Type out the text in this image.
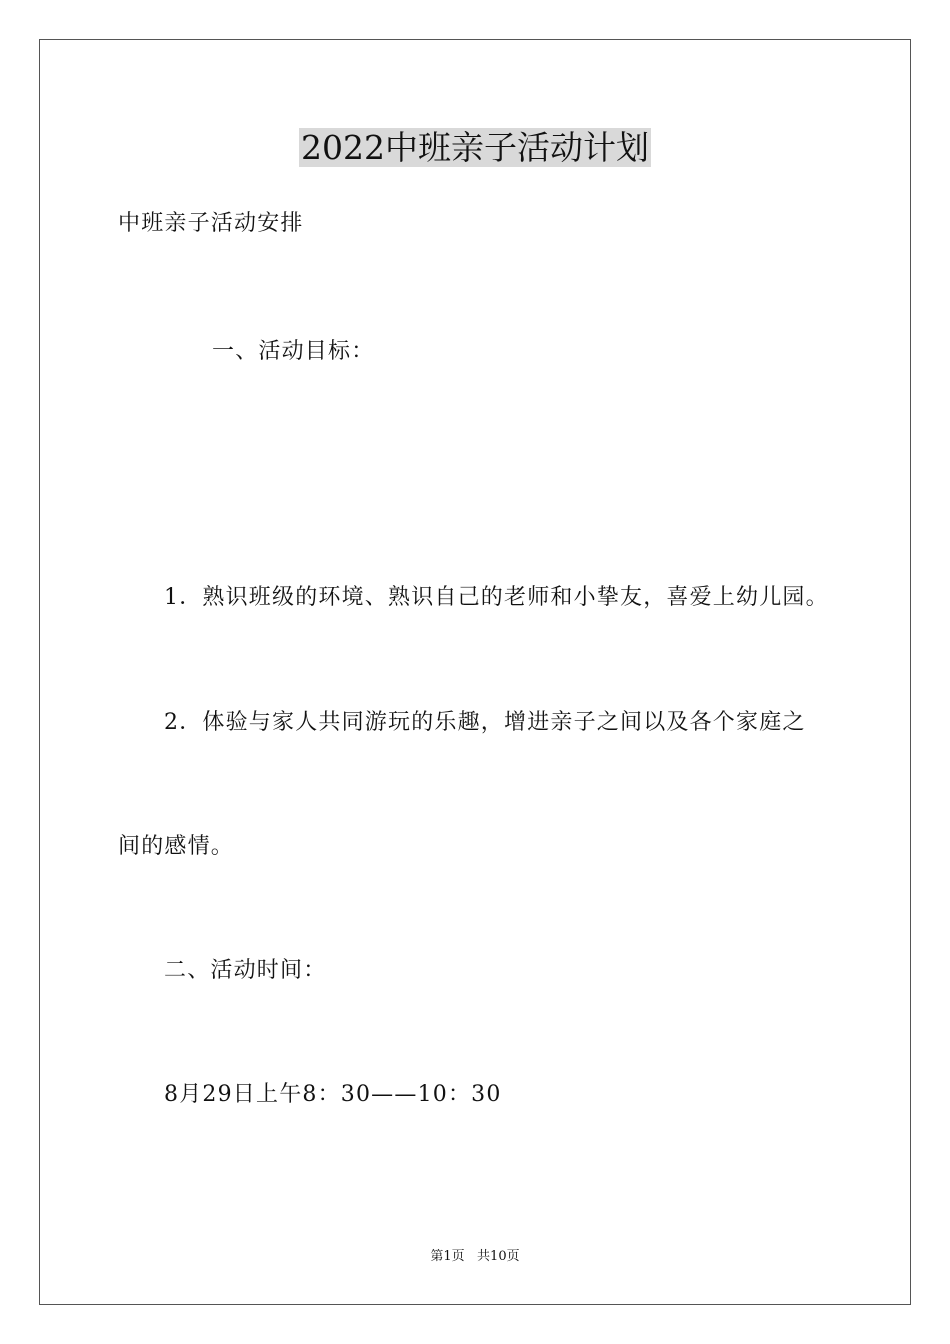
2022中班亲子活动计划

中班亲子活动安排

一、活动目标：

1．熟识班级的环境、熟识自己的老师和小挚友，喜爱上幼儿园。

2．体验与家人共同游玩的乐趣，增进亲子之间以及各个家庭之

间的感情。

二、活动时间：

8月29日上午8：30——10：30

第1页   共10页
